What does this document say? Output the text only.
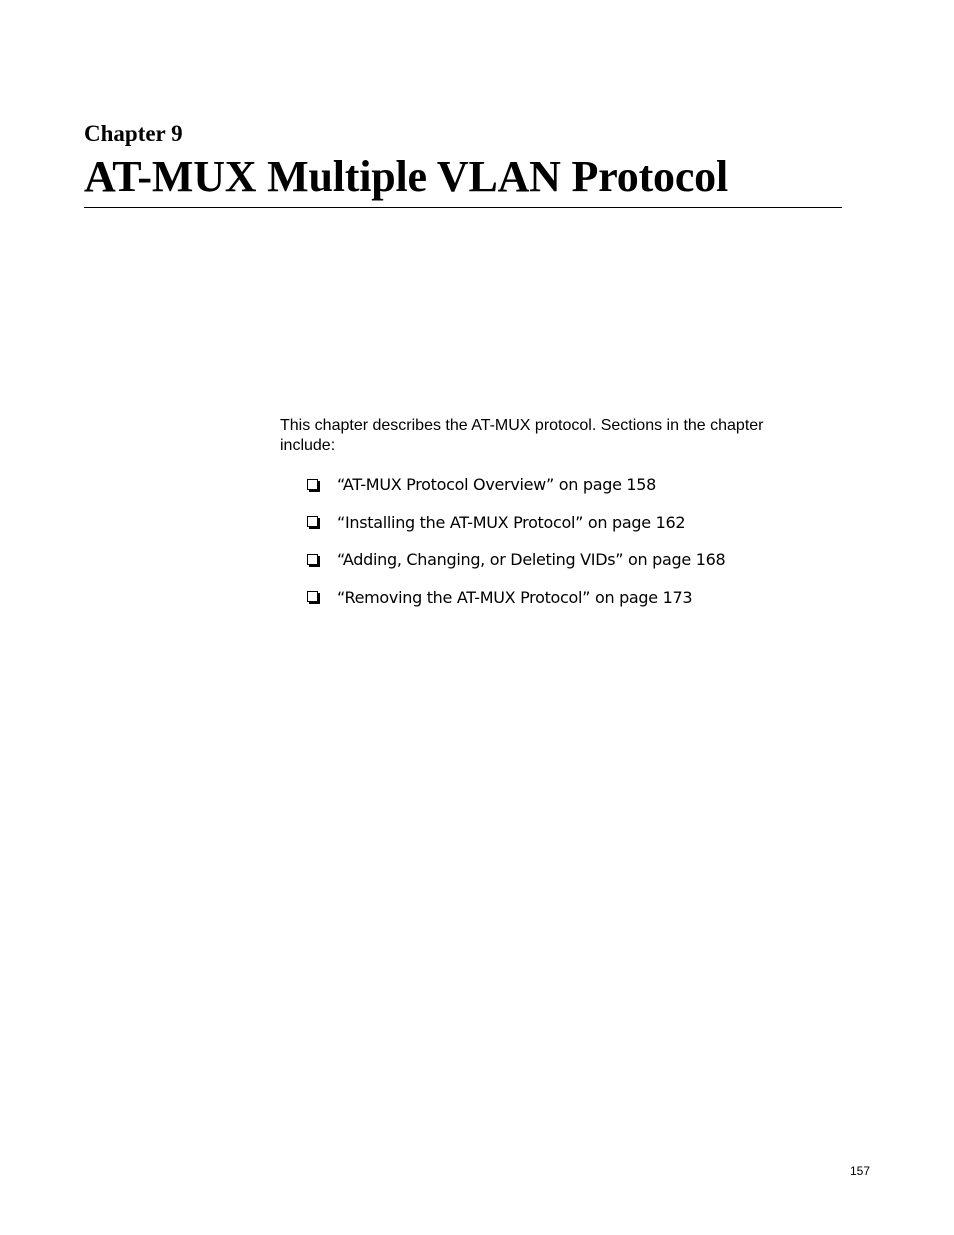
Chapter 9
AT-MUX Multiple VLAN Protocol

This chapter describes the AT-MUX protocol. Sections in the chapter include:

“AT-MUX Protocol Overview” on page 158
“Installing the AT-MUX Protocol” on page 162
“Adding, Changing, or Deleting VIDs” on page 168
“Removing the AT-MUX Protocol” on page 173
157
